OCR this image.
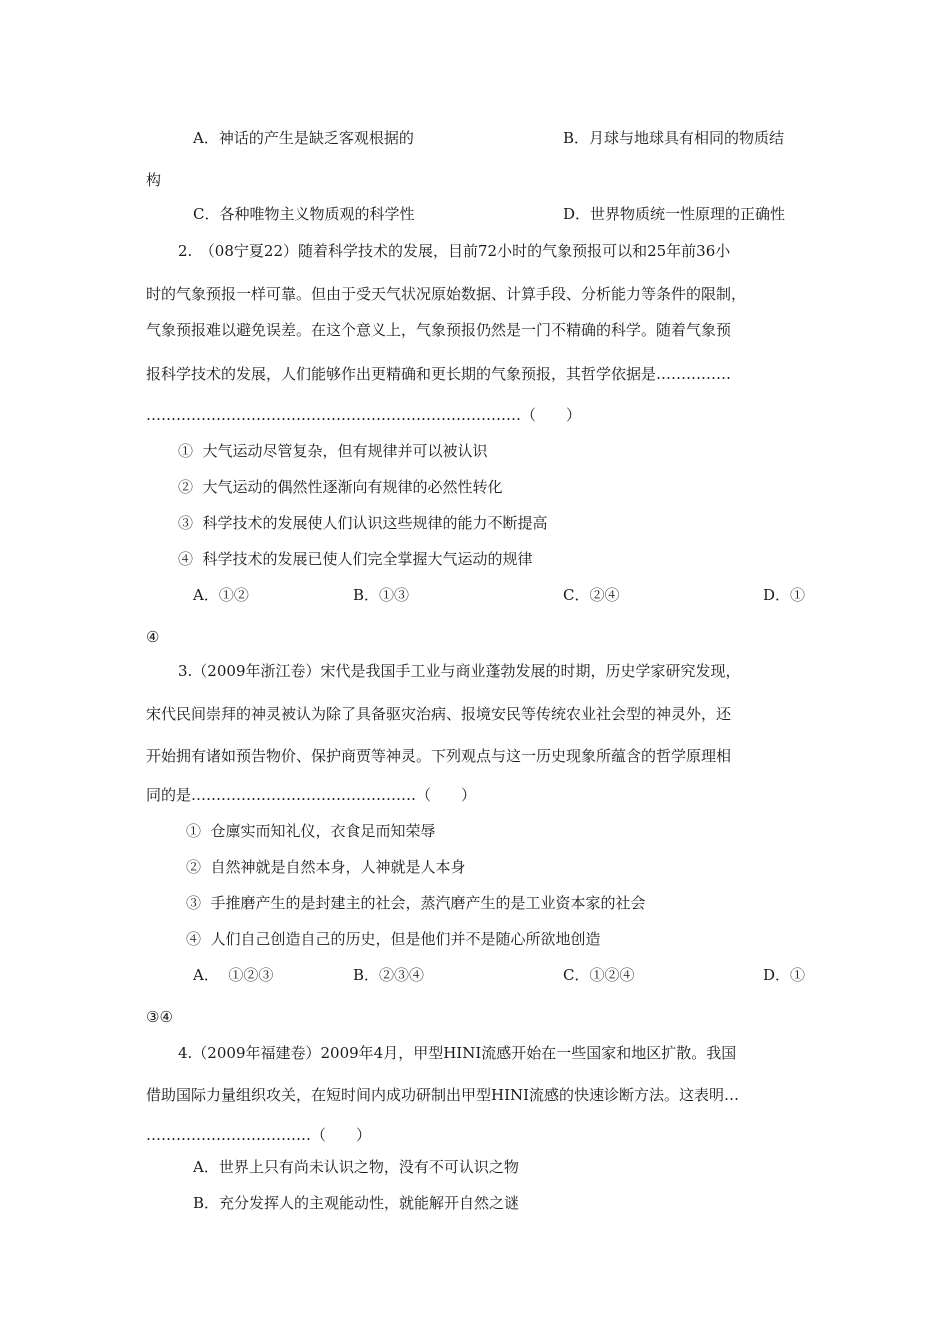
A．神话的产生是缺乏客观根据的	B．月球与地球具有相同的物质结
构
C．各种唯物主义物质观的科学性	D．世界物质统一性原理的正确性
2.　（08宁夏22）随着科学技术的发展，目前72小时的气象预报可以和25年前36小
时的气象预报一样可靠。但由于受天气状况原始数据、计算手段、分析能力等条件的限制，
气象预报难以避免误差。在这个意义上，气象预报仍然是一门不精确的科学。随着气象预
报科学技术的发展，人们能够作出更精确和更长期的气象预报，其哲学依据是……………
…………………………………………………………………（　　）
①  大气运动尽管复杂，但有规律并可以被认识
②  大气运动的偶然性逐渐向有规律的必然性转化
③  科学技术的发展使人们认识这些规律的能力不断提高
④  科学技术的发展已使人们完全掌握大气运动的规律
A．①②	B．①③	C．②④	D．①
④
3.（2009年浙江卷）宋代是我国手工业与商业蓬勃发展的时期，历史学家研究发现，
宋代民间崇拜的神灵被认为除了具备驱灾治病、报境安民等传统农业社会型的神灵外，还
开始拥有诸如预告物价、保护商贾等神灵。下列观点与这一历史现象所蕴含的哲学原理相
同的是………………………………………（　　）
①  仓廪实而知礼仪，衣食足而知荣辱
②  自然神就是自然本身，人神就是人本身
③  手推磨产生的是封建主的社会，蒸汽磨产生的是工业资本家的社会
④  人们自己创造自己的历史，但是他们并不是随心所欲地创造
A．  ①②③	B．②③④	C．①②④	D．①
③④
4.（2009年福建卷）2009年4月，甲型HINI流感开始在一些国家和地区扩散。我国
借助国际力量组织攻关，在短时间内成功研制出甲型HINI流感的快速诊断方法。这表明…
……………………………（　　）
A．世界上只有尚未认识之物，没有不可认识之物
B．充分发挥人的主观能动性，就能解开自然之谜
